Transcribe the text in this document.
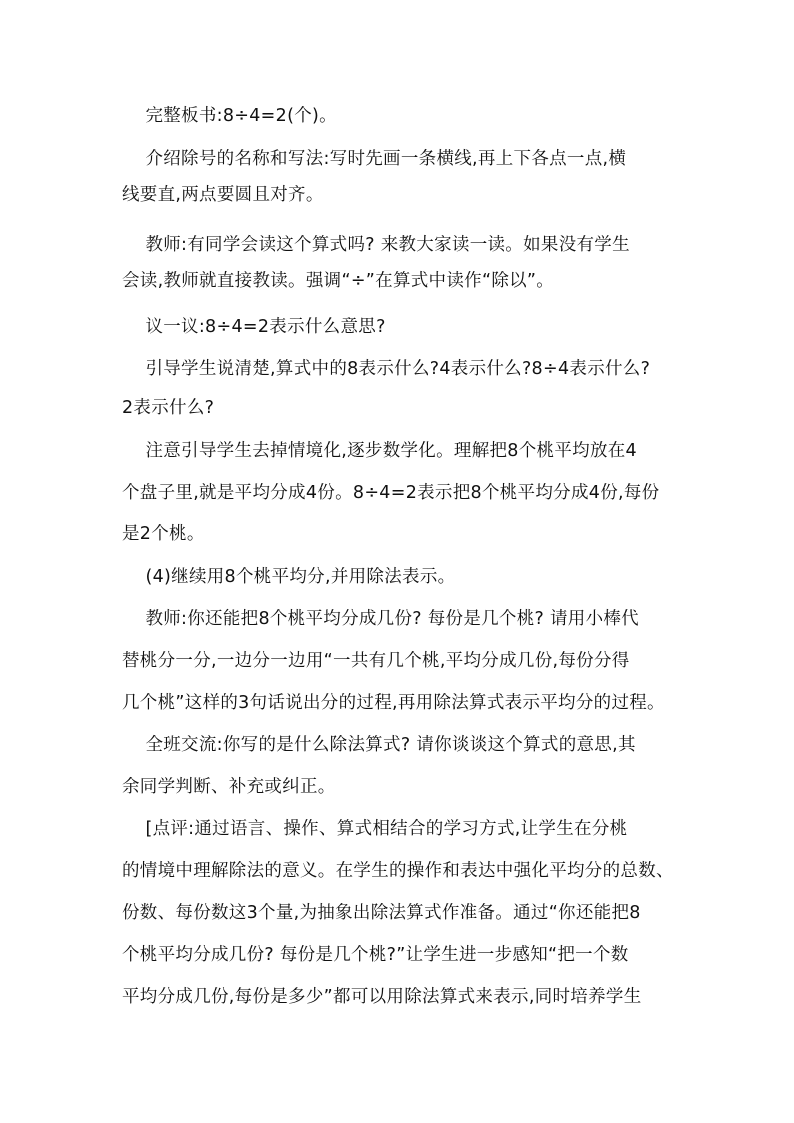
完整板书:8÷4=2(个)。
介绍除号的名称和写法:写时先画一条横线,再上下各点一点,横
线要直,两点要圆且对齐。
教师:有同学会读这个算式吗? 来教大家读一读。如果没有学生
会读,教师就直接教读。强调“÷”在算式中读作“除以”。
议一议:8÷4=2表示什么意思?
引导学生说清楚,算式中的8表示什么?4表示什么?8÷4表示什么?
2表示什么?
注意引导学生去掉情境化,逐步数学化。理解把8个桃平均放在4
个盘子里,就是平均分成4份。8÷4=2表示把8个桃平均分成4份,每份
是2个桃。
(4)继续用8个桃平均分,并用除法表示。
教师:你还能把8个桃平均分成几份? 每份是几个桃? 请用小棒代
替桃分一分,一边分一边用“一共有几个桃,平均分成几份,每份分得
几个桃”这样的3句话说出分的过程,再用除法算式表示平均分的过程。
全班交流:你写的是什么除法算式? 请你谈谈这个算式的意思,其
余同学判断、补充或纠正。
[点评:通过语言、操作、算式相结合的学习方式,让学生在分桃
的情境中理解除法的意义。在学生的操作和表达中强化平均分的总数、
份数、每份数这3个量,为抽象出除法算式作准备。通过“你还能把8
个桃平均分成几份? 每份是几个桃?”让学生进一步感知“把一个数
平均分成几份,每份是多少”都可以用除法算式来表示,同时培养学生
